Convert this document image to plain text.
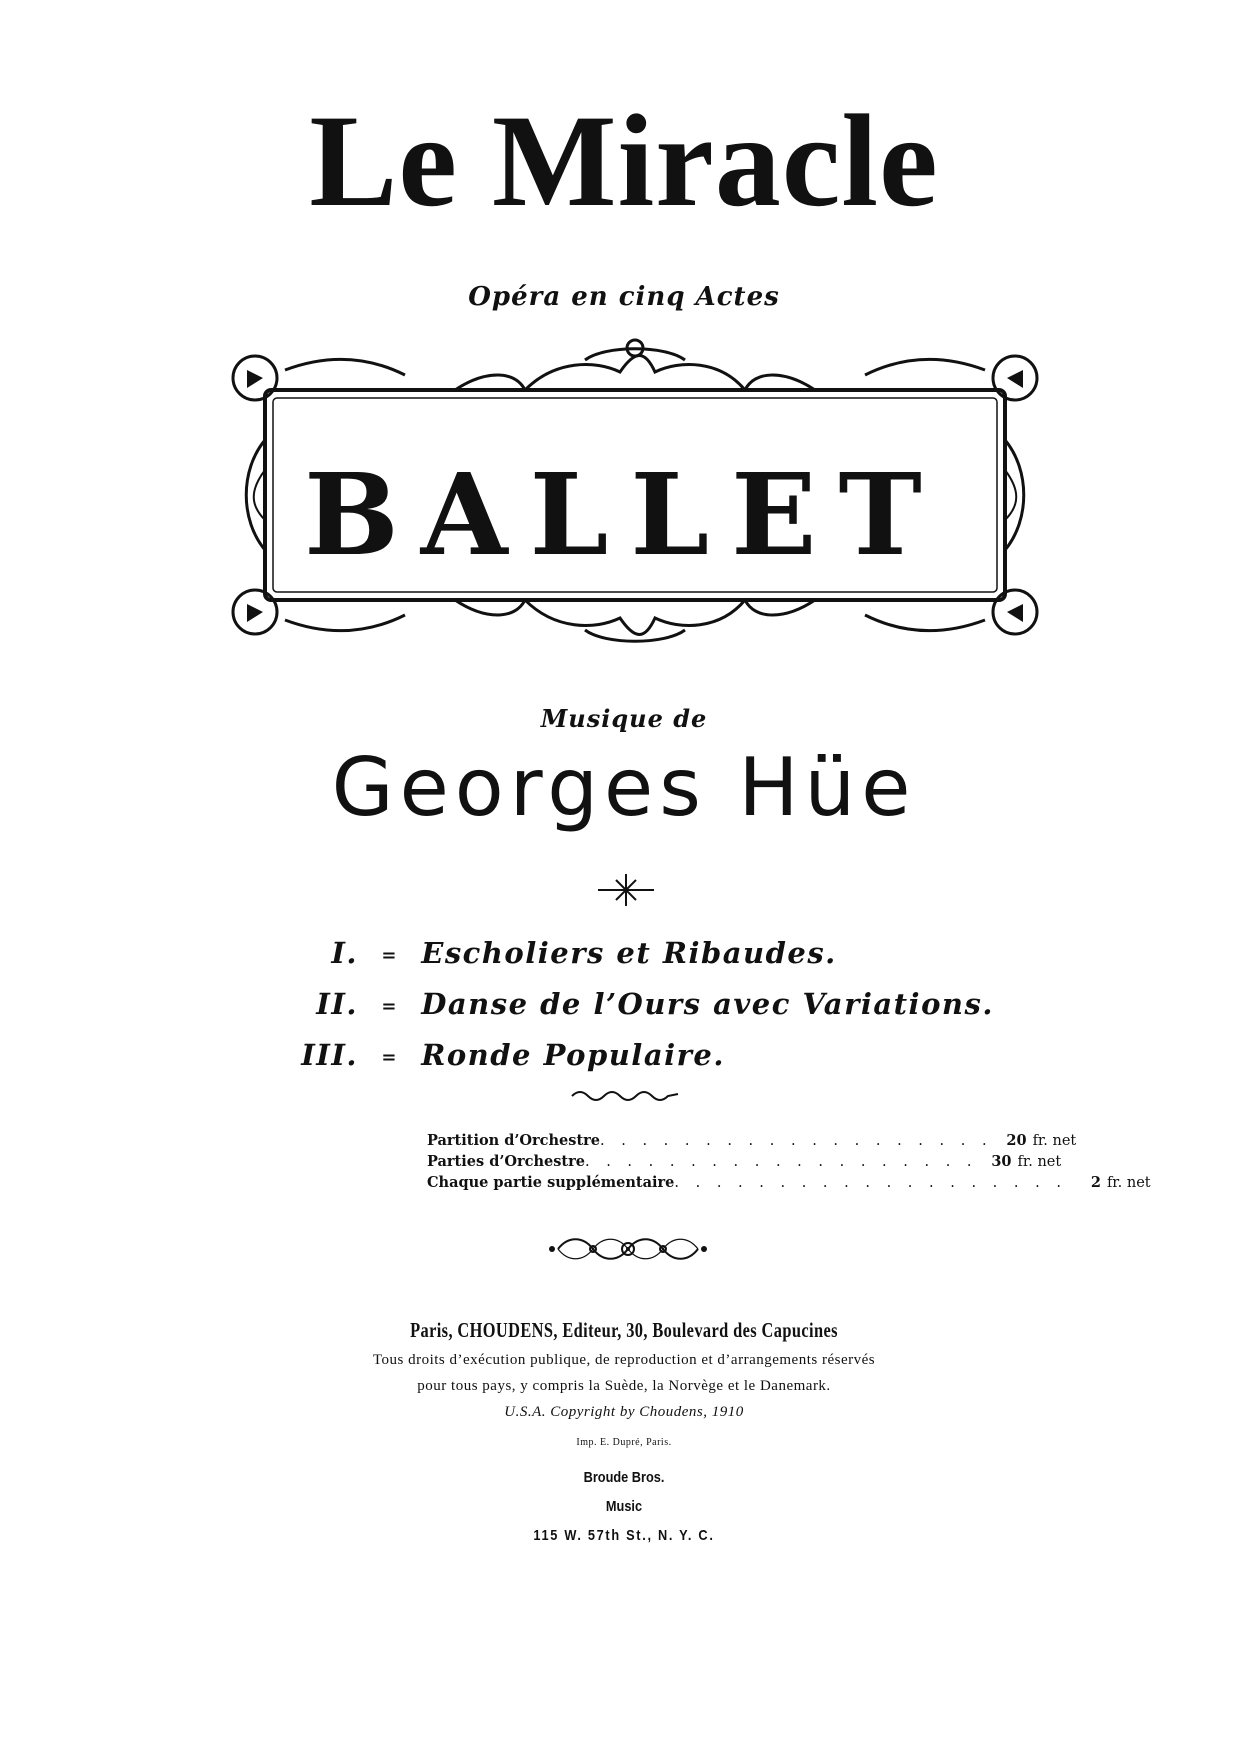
Le Miracle
Opéra en cinq Actes
BALLET
Musique de
Georges Hüe
I. = Escholiers et Ribaudes.
II. = Danse de l’Ours avec Variations.
III. = Ronde Populaire.
Partition d’Orchestre . . . . . . . . . . . . . . . . . . . 20 fr. net
Parties d’Orchestre . . . . . . . . . . . . . . . . . . . 30 fr. net
Chaque partie supplémentaire . . . . . . . . . . . . . . . . . . .	2 fr. net
Paris, CHOUDENS, Editeur, 30, Boulevard des Capucines
Tous droits d’exécution publique, de reproduction et d’arrangements réservés
pour tous pays, y compris la Suède, la Norvège et le Danemark.
U.S.A. Copyright by Choudens, 1910
Imp. E. Dupré, Paris.
Broude Bros.
Music
115 W. 57th St., N. Y. C.
